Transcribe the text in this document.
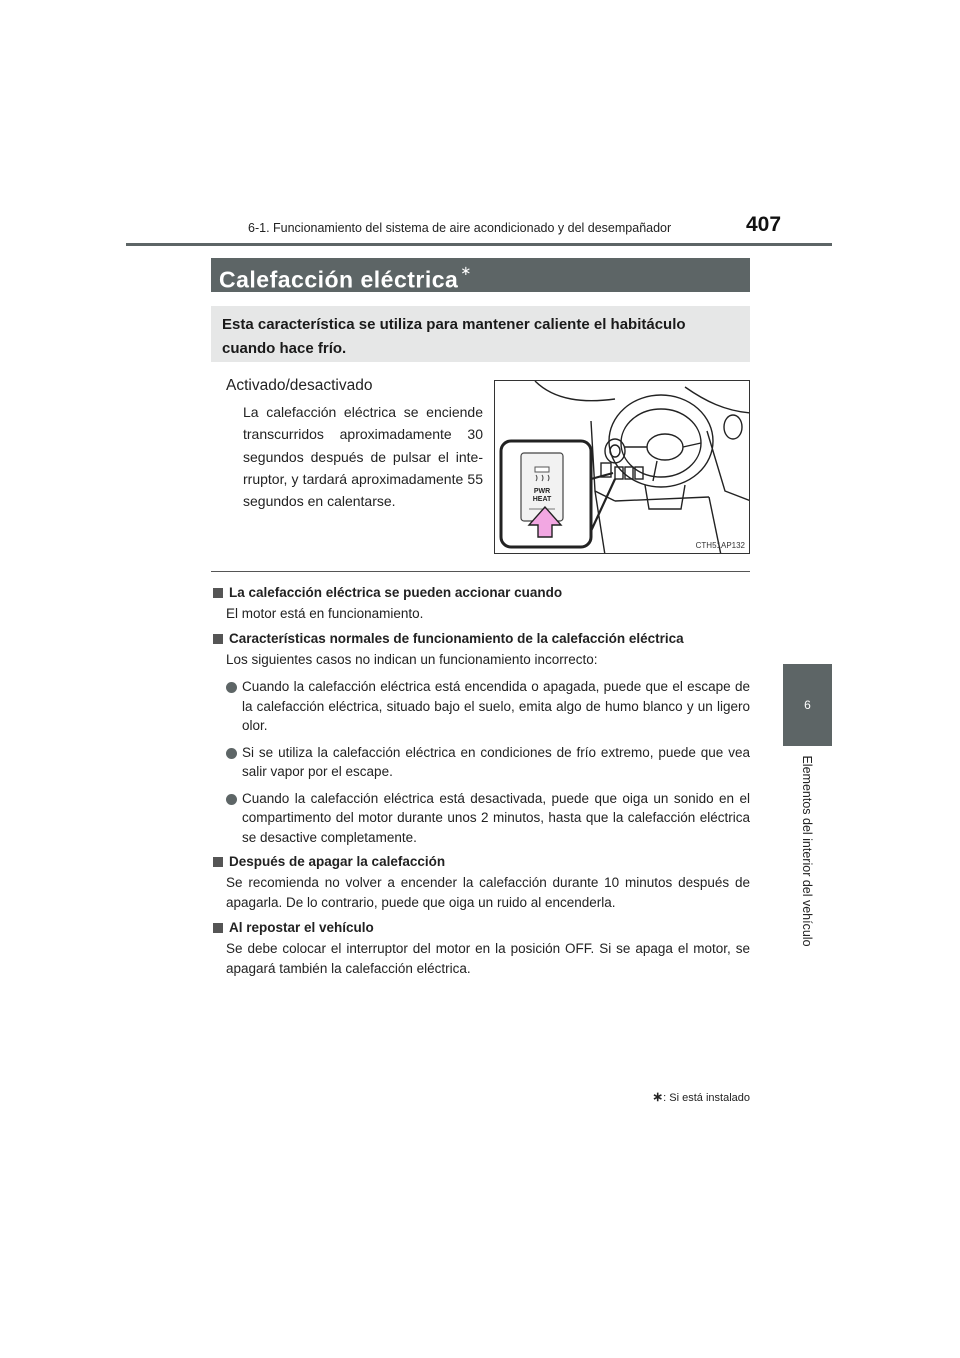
6-1. Funcionamiento del sistema de aire acondicionado y del desempañador	407
6
Elementos del interior del vehículo
Calefacción eléctrica ∗
Esta característica se utiliza para mantener caliente el habitáculo
cuando hace frío.
Activado/desactivado
La calefacción eléctrica se enciende transcurridos aproximadamente 30 segundos después de pulsar el inte-rruptor, y tardará aproximadamente 55 segundos en calentarse.
PWR
HEAT
CTH51AP132
La calefacción eléctrica se pueden accionar cuando
El motor está en funcionamiento.
Características normales de funcionamiento de la calefacción eléctrica
Los siguientes casos no indican un funcionamiento incorrecto:
Cuando la calefacción eléctrica está encendida o apagada, puede que el escape de la calefacción eléctrica, situado bajo el suelo, emita algo de humo blanco y un ligero olor.
Si se utiliza la calefacción eléctrica en condiciones de frío extremo, puede que vea salir vapor por el escape.
Cuando la calefacción eléctrica está desactivada, puede que oiga un sonido en el compartimento del motor durante unos 2 minutos, hasta que la calefacción eléctrica se desactive completamente.
Después de apagar la calefacción
Se recomienda no volver a encender la calefacción durante 10 minutos después de apagarla. De lo contrario, puede que oiga un ruido al encenderla.
Al repostar el vehículo
Se debe colocar el interruptor del motor en la posición OFF. Si se apaga el motor, se apagará también la calefacción eléctrica.
∗: Si está instalado
